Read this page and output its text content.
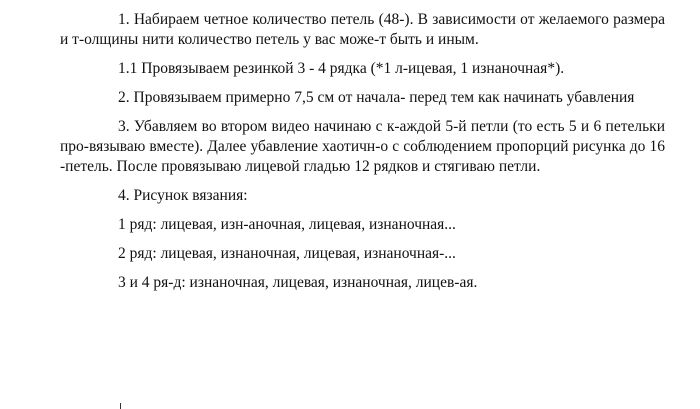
1. Набираем четное количество петель (48-). В зависимости от желаемого размера и т-олщины нити количество петель у вас може-т быть и иным.

1.1 Провязываем резинкой 3 - 4 рядка (*1 л-ицевая, 1 изнаночная*).

2. Провязываем примерно 7,5 см от начала- перед тем как начинать убавления

3. Убавляем во втором видео начинаю с к-аждой 5-й петли (то есть 5 и 6 петельки про-вязываю вместе). Далее убавление хаотичн-о с соблюдением пропорций рисунка до 16 -петель. После провязываю лицевой гладью 12 рядков и стягиваю петли.

4. Рисунок вязания:

1 ряд: лицевая, изн-аночная, лицевая, изнаночная...

2 ряд: лицевая, изнаночная, лицевая, изнаночная-...

3 и 4 ря-д: изнаночная, лицевая, изнаночная, лицев-ая.
